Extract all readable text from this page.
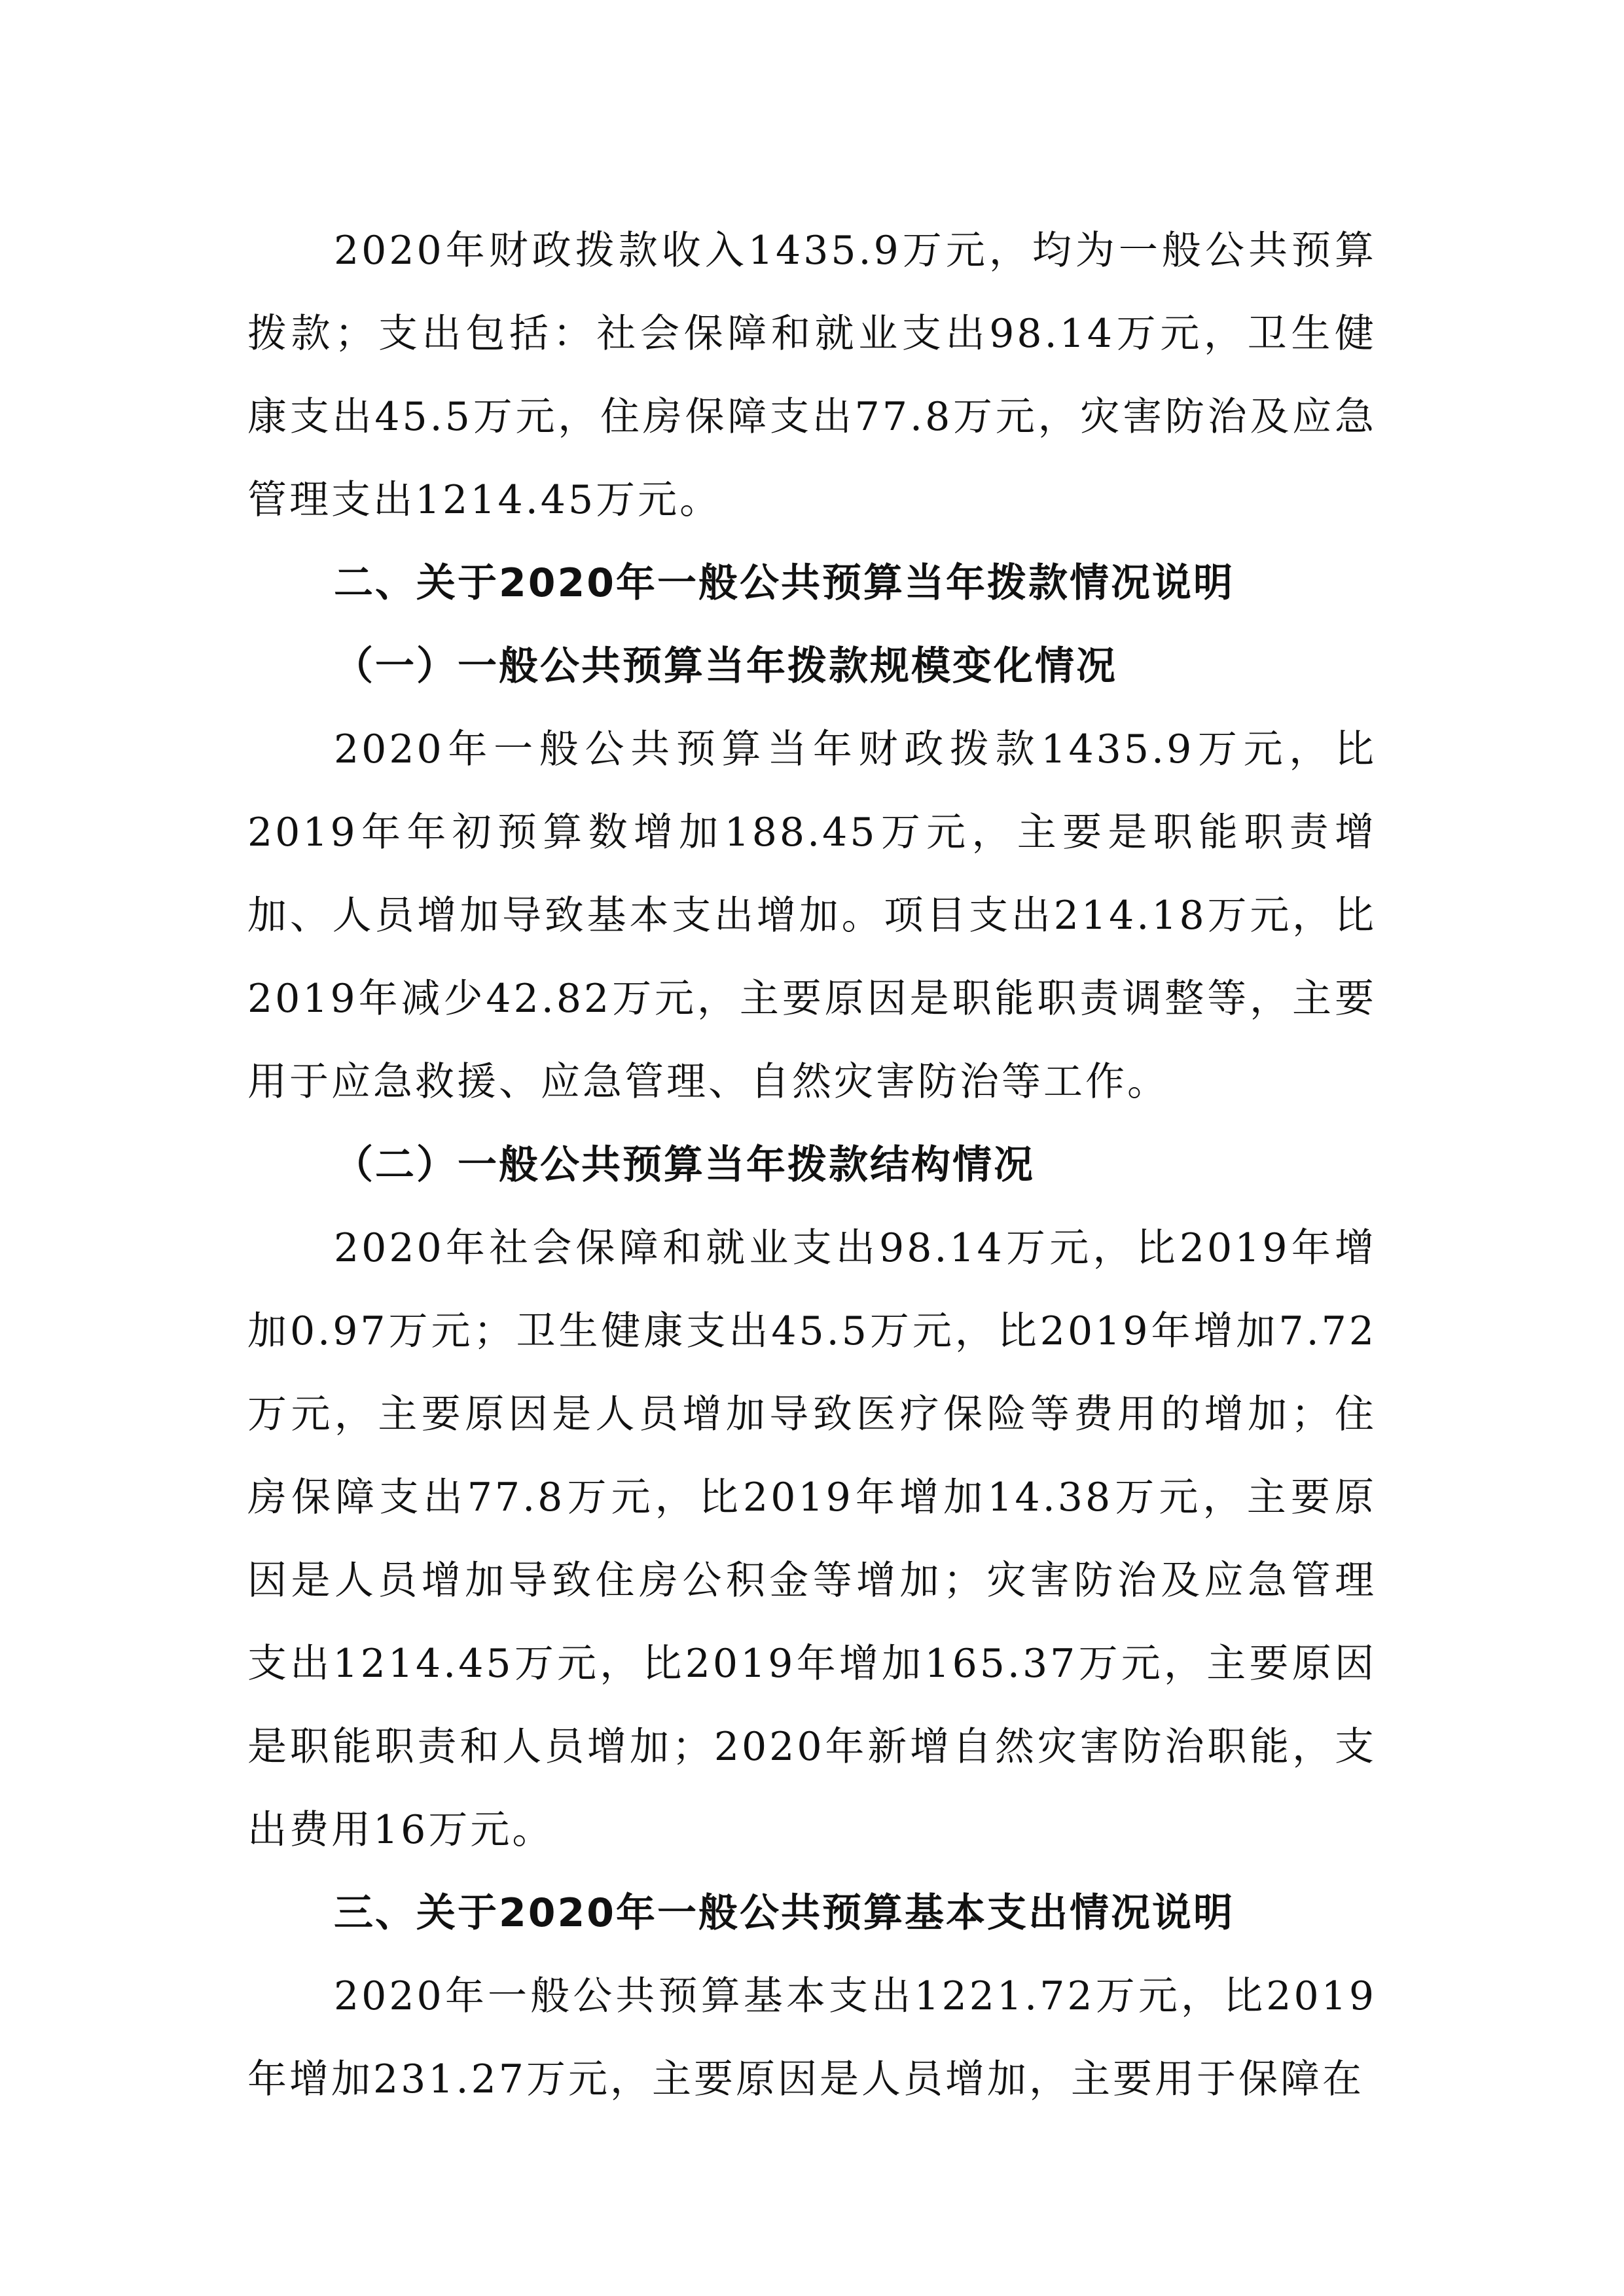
2020年财政拨款收入1435.9万元，均为一般公共预算拨款；支出包括：社会保障和就业支出98.14万元，卫生健康支出45.5万元，住房保障支出77.8万元，灾害防治及应急管理支出1214.45万元。

二、关于2020年一般公共预算当年拨款情况说明

（一）一般公共预算当年拨款规模变化情况

2020年一般公共预算当年财政拨款1435.9万元，比2019年年初预算数增加188.45万元，主要是职能职责增加、人员增加导致基本支出增加。项目支出214.18万元，比2019年减少42.82万元，主要原因是职能职责调整等，主要用于应急救援、应急管理、自然灾害防治等工作。

（二）一般公共预算当年拨款结构情况

2020年社会保障和就业支出98.14万元，比2019年增加0.97万元；卫生健康支出45.5万元，比2019年增加7.72万元，主要原因是人员增加导致医疗保险等费用的增加；住房保障支出77.8万元，比2019年增加14.38万元，主要原因是人员增加导致住房公积金等增加；灾害防治及应急管理支出1214.45万元，比2019年增加165.37万元，主要原因是职能职责和人员增加；2020年新增自然灾害防治职能，支出费用16万元。

三、关于2020年一般公共预算基本支出情况说明

2020年一般公共预算基本支出1221.72万元，比2019年增加231.27万元，主要原因是人员增加，主要用于保障在
